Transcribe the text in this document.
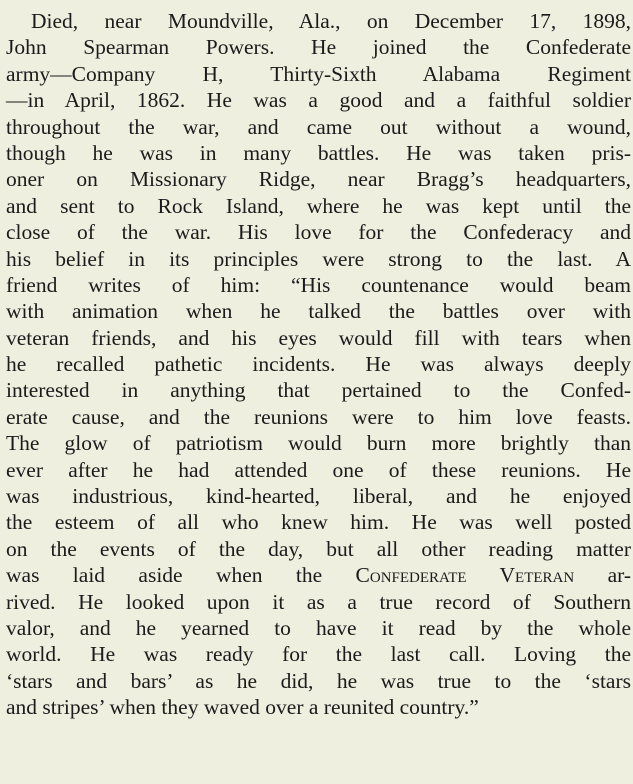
Died, near Moundville, Ala., on December 17, 1898,
John Spearman Powers. He joined the Confederate
army—Company H, Thirty-Sixth Alabama Regiment
—in April, 1862. He was a good and a faithful soldier
throughout the war, and came out without a wound,
though he was in many battles. He was taken pris-
oner on Missionary Ridge, near Bragg’s headquarters,
and sent to Rock Island, where he was kept until the
close of the war. His love for the Confederacy and
his belief in its principles were strong to the last. A
friend writes of him: “His countenance would beam
with animation when he talked the battles over with
veteran friends, and his eyes would fill with tears when
he recalled pathetic incidents. He was always deeply
interested in anything that pertained to the Confed-
erate cause, and the reunions were to him love feasts.
The glow of patriotism would burn more brightly than
ever after he had attended one of these reunions. He
was industrious, kind-hearted, liberal, and he enjoyed
the esteem of all who knew him. He was well posted
on the events of the day, but all other reading matter
was laid aside when the Confederate Veteran ar-
rived. He looked upon it as a true record of Southern
valor, and he yearned to have it read by the whole
world. He was ready for the last call. Loving the
‘stars and bars’ as he did, he was true to the ‘stars
and stripes’ when they waved over a reunited country.”
